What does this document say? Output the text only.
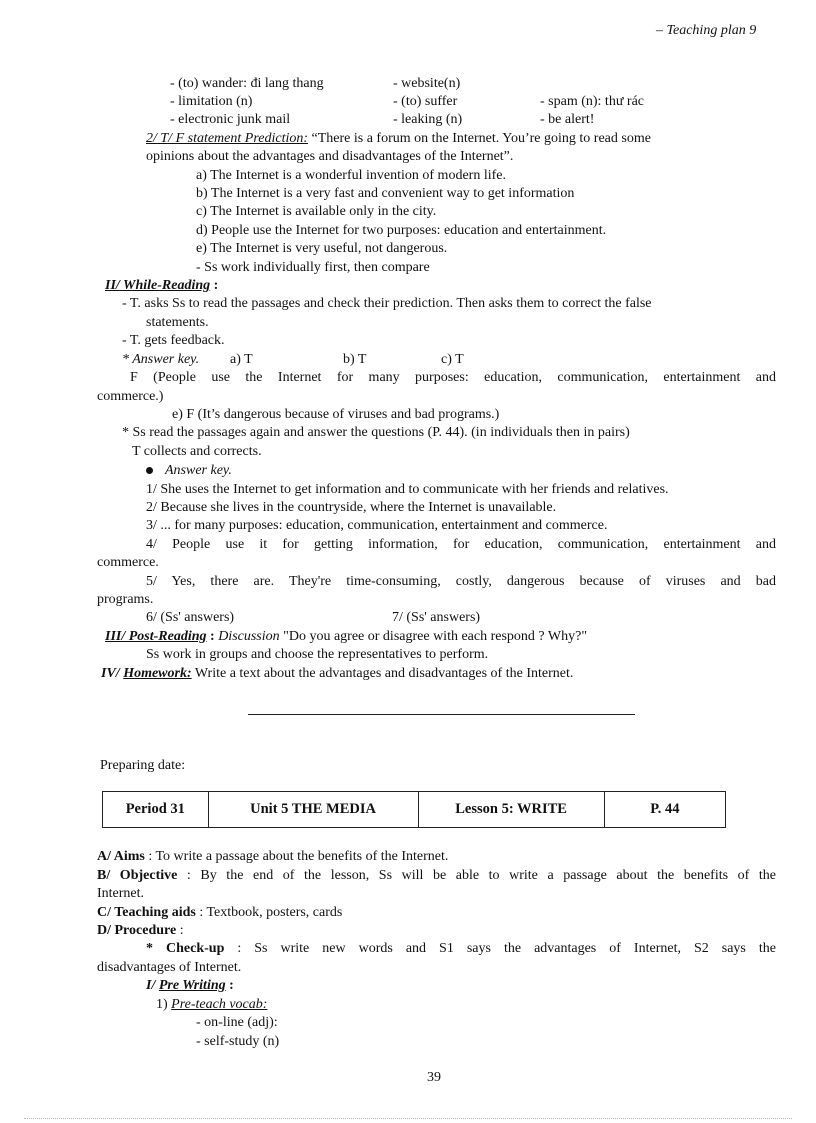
– Teaching plan 9
- (to) wander: đi lang thang	- website(n)
- limitation (n)	- (to) suffer	- spam (n): thư rác
- electronic junk mail	- leaking (n)	- be alert!
2/ T/ F statement Prediction: “There is a forum on the Internet. You’re going to read some
opinions about the advantages and disadvantages of the Internet”.
a) The Internet is a wonderful invention of modern life.
b) The Internet is a very fast and convenient way to get information
c) The Internet is available only in the city.
d) People use the Internet for two purposes: education and entertainment.
e) The Internet is very useful, not dangerous.
- Ss work individually first, then compare
II/ While-Reading :
- T. asks Ss to read the passages and check their prediction. Then asks them to correct the false
statements.
- T. gets feedback.
* Answer key. a) T	b) T	c) T
F (People use the Internet for many purposes: education, communication, entertainment and
commerce.)
e) F (It’s dangerous because of viruses and bad programs.)
* Ss read the passages again and answer the questions (P. 44). (in individuals then in pairs)
T collects and corrects.
Answer key.
1/ She uses the Internet to get information and to communicate with her friends and relatives.
2/ Because she lives in the countryside, where the Internet is unavailable.
3/ ... for many purposes: education, communication, entertainment and commerce.
4/ People use it for getting information, for education, communication, entertainment and
commerce.
5/ Yes, there are. They're time-consuming, costly, dangerous because of viruses and bad
programs.
6/ (Ss' answers)	7/ (Ss' answers)
III/ Post-Reading : Discussion "Do you agree or disagree with each respond ? Why?"
Ss work in groups and choose the representatives to perform.
IV/ Homework: Write a text about the advantages and disadvantages of the Internet.
Preparing date:
Period 31	Unit 5 THE MEDIA	Lesson 5: WRITE	P. 44
A/ Aims : To write a passage about the benefits of the Internet.
B/ Objective : By the end of the lesson, Ss will be able to write a passage about the benefits of the
Internet.
C/ Teaching aids : Textbook, posters, cards
D/ Procedure :
* Check-up : Ss write new words and S1 says the advantages of Internet, S2 says the
disadvantages of Internet.
I/ Pre Writing :
1) Pre-teach vocab:
- on-line (adj):
- self-study (n)
39
